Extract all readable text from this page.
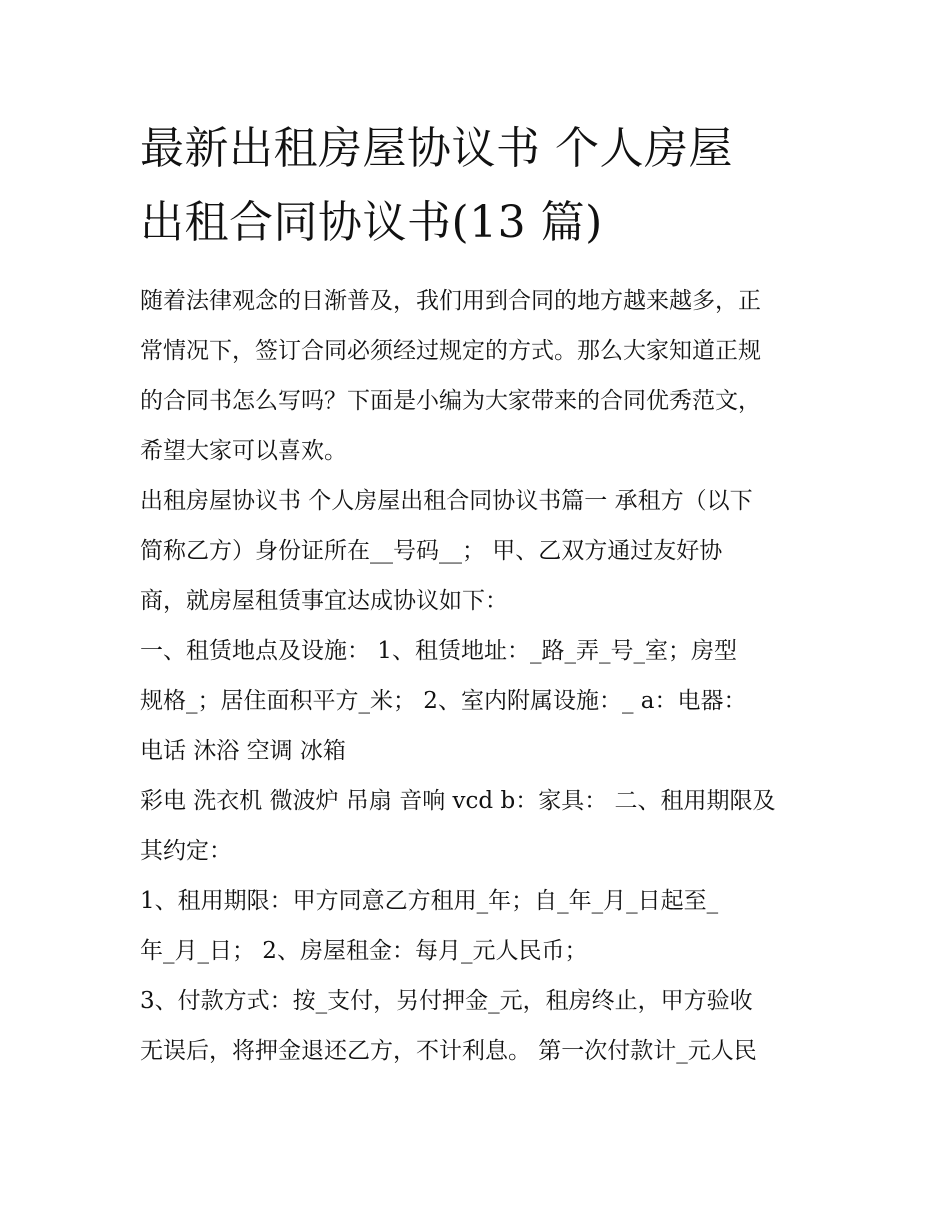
最新出租房屋协议书 个人房屋
出租合同协议书(13 篇)
随着法律观念的日渐普及，我们用到合同的地方越来越多，正
常情况下，签订合同必须经过规定的方式。那么大家知道正规
的合同书怎么写吗？下面是小编为大家带来的合同优秀范文，
希望大家可以喜欢。
出租房屋协议书 个人房屋出租合同协议书篇一 承租方（以下
简称乙方）身份证所在__号码__； 甲、乙双方通过友好协
商，就房屋租赁事宜达成协议如下：
一、租赁地点及设施： 1、租赁地址：_路_弄_号_室；房型
规格_；居住面积平方_米； 2、室内附属设施：_ a：电器：
电话 沐浴 空调 冰箱
彩电 洗衣机 微波炉 吊扇 音响 vcd b：家具： 二、租用期限及
其约定：
1、租用期限：甲方同意乙方租用_年；自_年_月_日起至_
年_月_日； 2、房屋租金：每月_元人民币；
3、付款方式：按_支付，另付押金_元，租房终止，甲方验收
无误后，将押金退还乙方，不计利息。 第一次付款计_元人民
